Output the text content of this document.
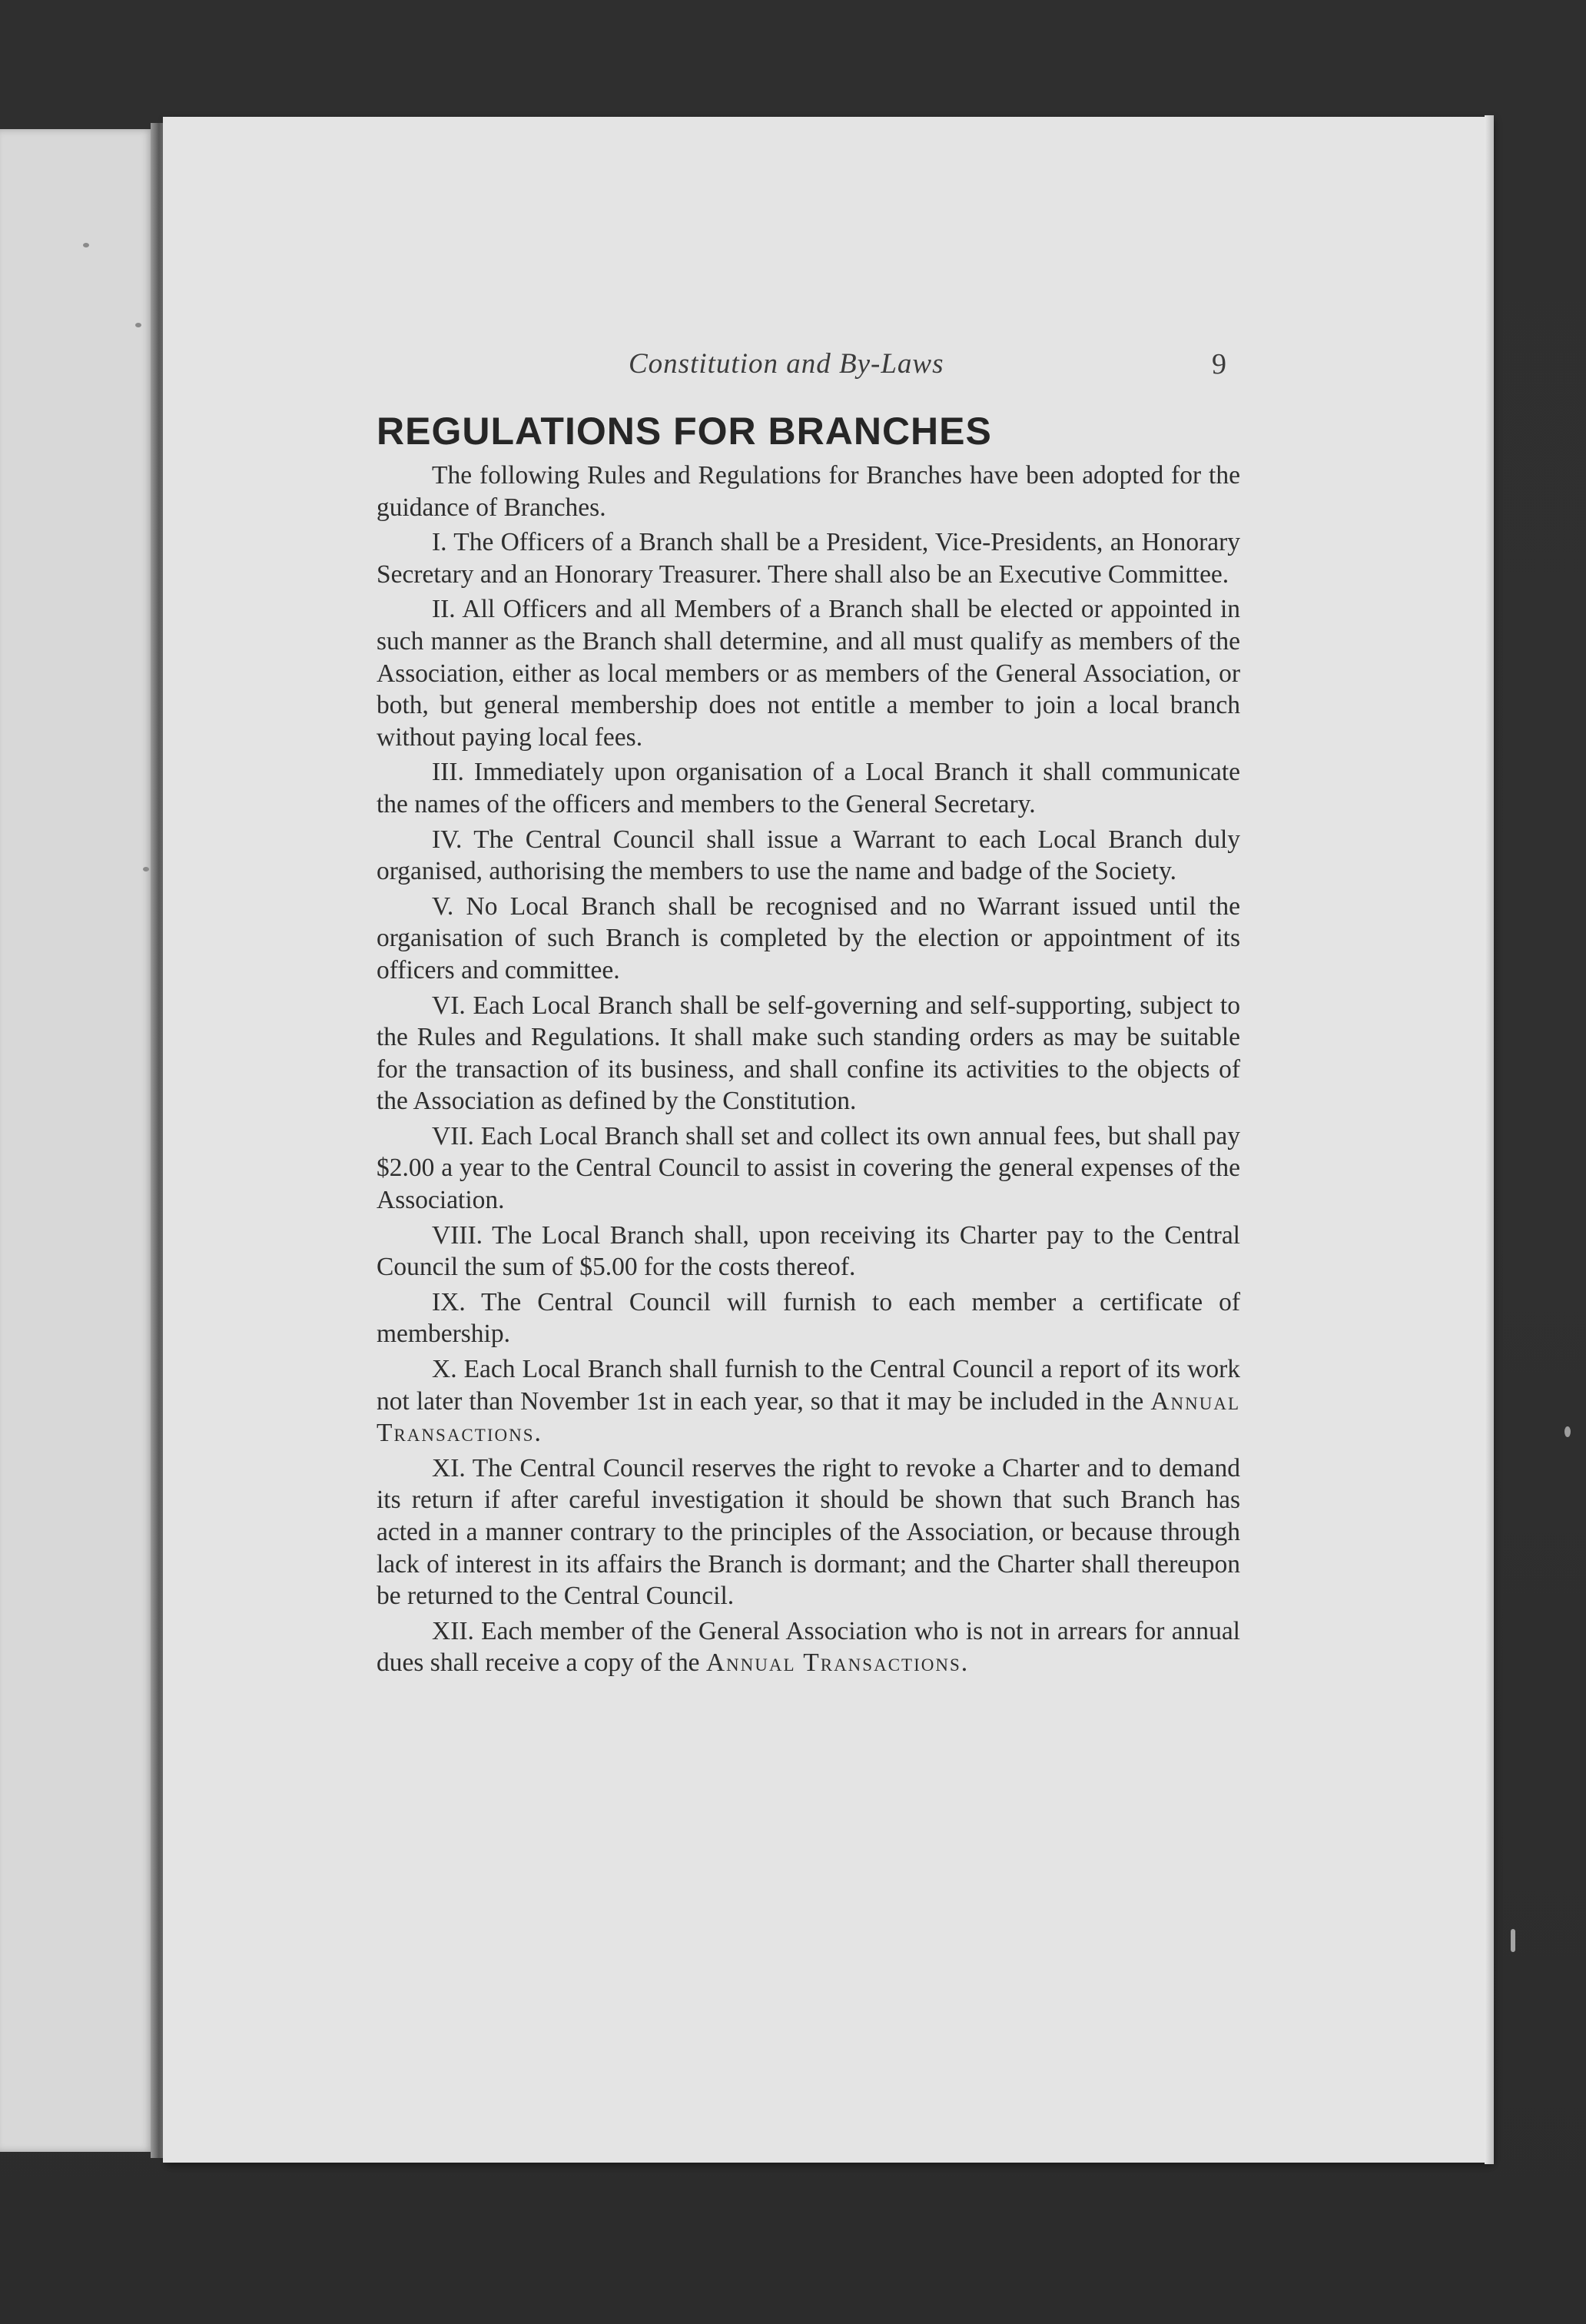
Constitution and By-Laws	9
REGULATIONS FOR BRANCHES

The following Rules and Regulations for Branches have been adopted for the guidance of Branches.

I. The Officers of a Branch shall be a President, Vice-Presidents, an Honorary Secretary and an Honorary Treasurer. There shall also be an Executive Committee.

II. All Officers and all Members of a Branch shall be elected or appointed in such manner as the Branch shall determine, and all must qualify as members of the Association, either as local members or as members of the General Association, or both, but general membership does not entitle a member to join a local branch without paying local fees.

III. Immediately upon organisation of a Local Branch it shall communicate the names of the officers and members to the General Secretary.

IV. The Central Council shall issue a Warrant to each Local Branch duly organised, authorising the members to use the name and badge of the Society.

V. No Local Branch shall be recognised and no Warrant issued until the organisation of such Branch is completed by the election or appointment of its officers and committee.

VI. Each Local Branch shall be self-governing and self-supporting, subject to the Rules and Regulations. It shall make such standing orders as may be suitable for the transaction of its business, and shall confine its activities to the objects of the Association as defined by the Constitution.

VII. Each Local Branch shall set and collect its own annual fees, but shall pay $2.00 a year to the Central Council to assist in covering the general expenses of the Association.

VIII. The Local Branch shall, upon receiving its Charter pay to the Central Council the sum of $5.00 for the costs thereof.

IX. The Central Council will furnish to each member a certificate of membership.

X. Each Local Branch shall furnish to the Central Council a report of its work not later than November 1st in each year, so that it may be included in the Annual Transactions.

XI. The Central Council reserves the right to revoke a Charter and to demand its return if after careful investigation it should be shown that such Branch has acted in a manner contrary to the principles of the Association, or because through lack of interest in its affairs the Branch is dormant; and the Charter shall thereupon be returned to the Central Council.

XII. Each member of the General Association who is not in arrears for annual dues shall receive a copy of the Annual Transactions.
